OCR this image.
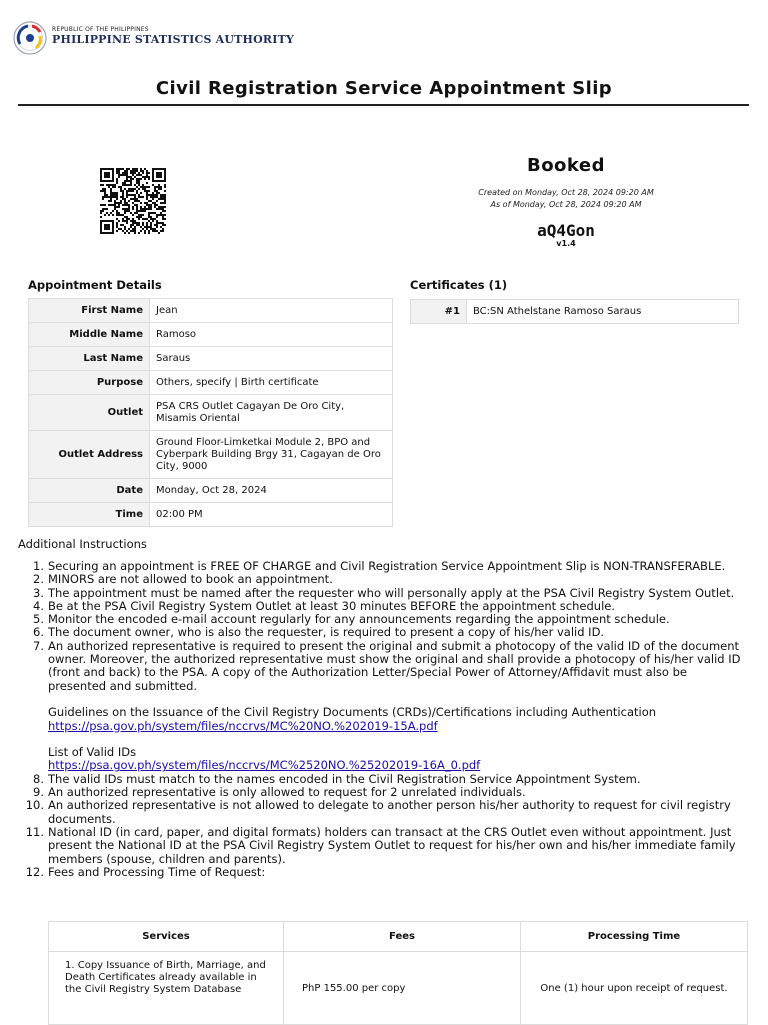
REPUBLIC OF THE PHILIPPINES
PHILIPPINE STATISTICS AUTHORITY
Civil Registration Service Appointment Slip
Booked
Created on Monday, Oct 28, 2024 09:20 AM
As of Monday, Oct 28, 2024 09:20 AM
aQ4Gon
v1.4
Appointment Details
First Name	Jean
Middle Name	Ramoso
Last Name	Saraus
Purpose	Others, specify | Birth certificate
Outlet	PSA CRS Outlet Cagayan De Oro City, Misamis Oriental
Outlet Address	Ground Floor-Limketkai Module 2, BPO and Cyberpark Building Brgy 31, Cagayan de Oro City, 9000
Date	Monday, Oct 28, 2024
Time	02:00 PM
Certificates (1)
#1	BC:SN Athelstane Ramoso Saraus
Additional Instructions
1. Securing an appointment is FREE OF CHARGE and Civil Registration Service Appointment Slip is NON-TRANSFERABLE.
2. MINORS are not allowed to book an appointment.
3. The appointment must be named after the requester who will personally apply at the PSA Civil Registry System Outlet.
4. Be at the PSA Civil Registry System Outlet at least 30 minutes BEFORE the appointment schedule.
5. Monitor the encoded e-mail account regularly for any announcements regarding the appointment schedule.
6. The document owner, who is also the requester, is required to present a copy of his/her valid ID.
7. An authorized representative is required to present the original and submit a photocopy of the valid ID of the document owner. Moreover, the authorized representative must show the original and shall provide a photocopy of his/her valid ID (front and back) to the PSA. A copy of the Authorization Letter/Special Power of Attorney/Affidavit must also be presented and submitted.
Guidelines on the Issuance of the Civil Registry Documents (CRDs)/Certifications including Authentication
https://psa.gov.ph/system/files/nccrvs/MC%20NO.%202019-15A.pdf
List of Valid IDs
https://psa.gov.ph/system/files/nccrvs/MC%2520NO.%25202019-16A_0.pdf
8. The valid IDs must match to the names encoded in the Civil Registration Service Appointment System.
9. An authorized representative is only allowed to request for 2 unrelated individuals.
10. An authorized representative is not allowed to delegate to another person his/her authority to request for civil registry documents.
11. National ID (in card, paper, and digital formats) holders can transact at the CRS Outlet even without appointment. Just present the National ID at the PSA Civil Registry System Outlet to request for his/her own and his/her immediate family members (spouse, children and parents).
12. Fees and Processing Time of Request:
Services	Fees	Processing Time
1. Copy Issuance of Birth, Marriage, and Death Certificates already available in the Civil Registry System Database	PhP 155.00 per copy	One (1) hour upon receipt of request.
